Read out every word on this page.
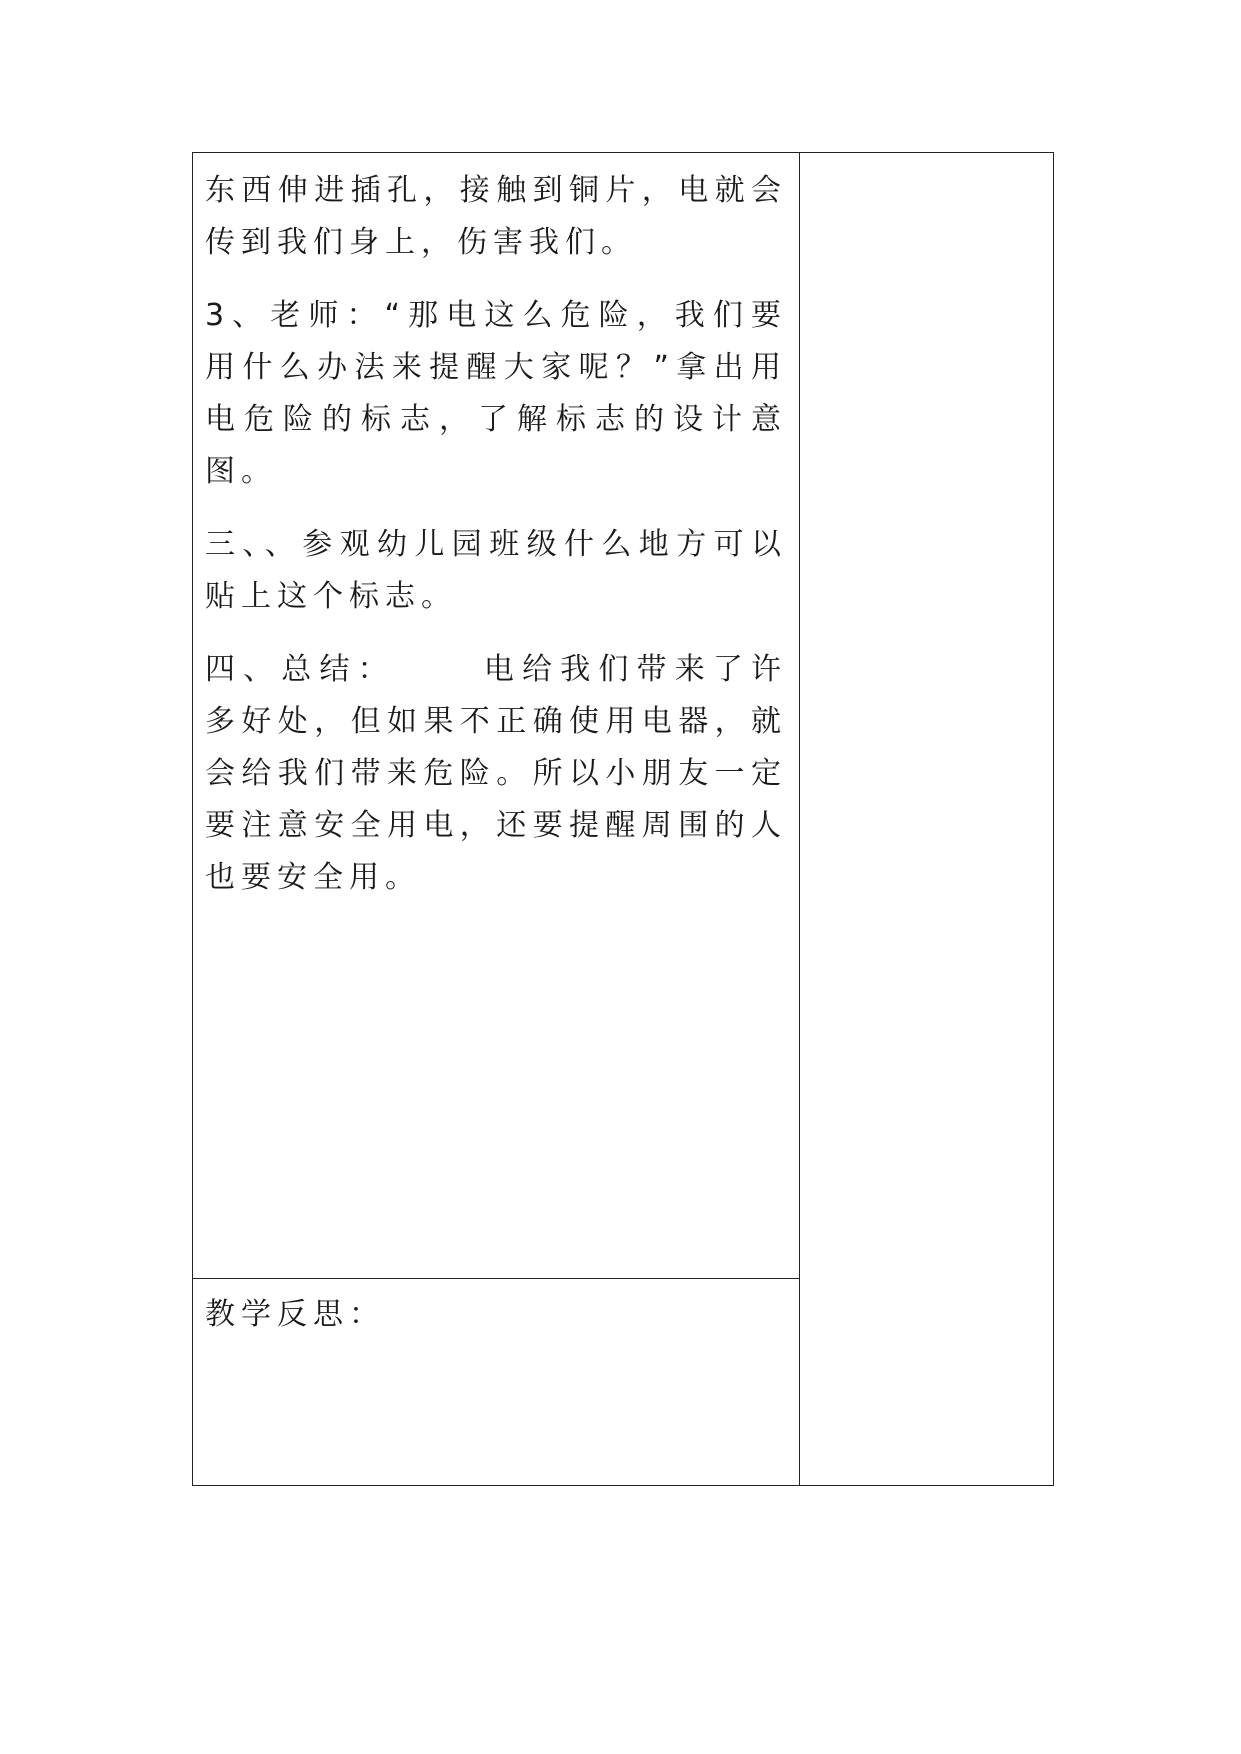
东西伸进插孔，接触到铜片，电就会传到我们身上，伤害我们。

3、老师：“那电这么危险，我们要用什么办法来提醒大家呢？”拿出用电危险的标志，了解标志的设计意图。

三、、参观幼儿园班级什么地方可以贴上这个标志。

四、总结：	电给我们带来了许多好处，但如果不正确使用电器，就会给我们带来危险。所以小朋友一定要注意安全用电，还要提醒周围的人也要安全用。

教学反思：
